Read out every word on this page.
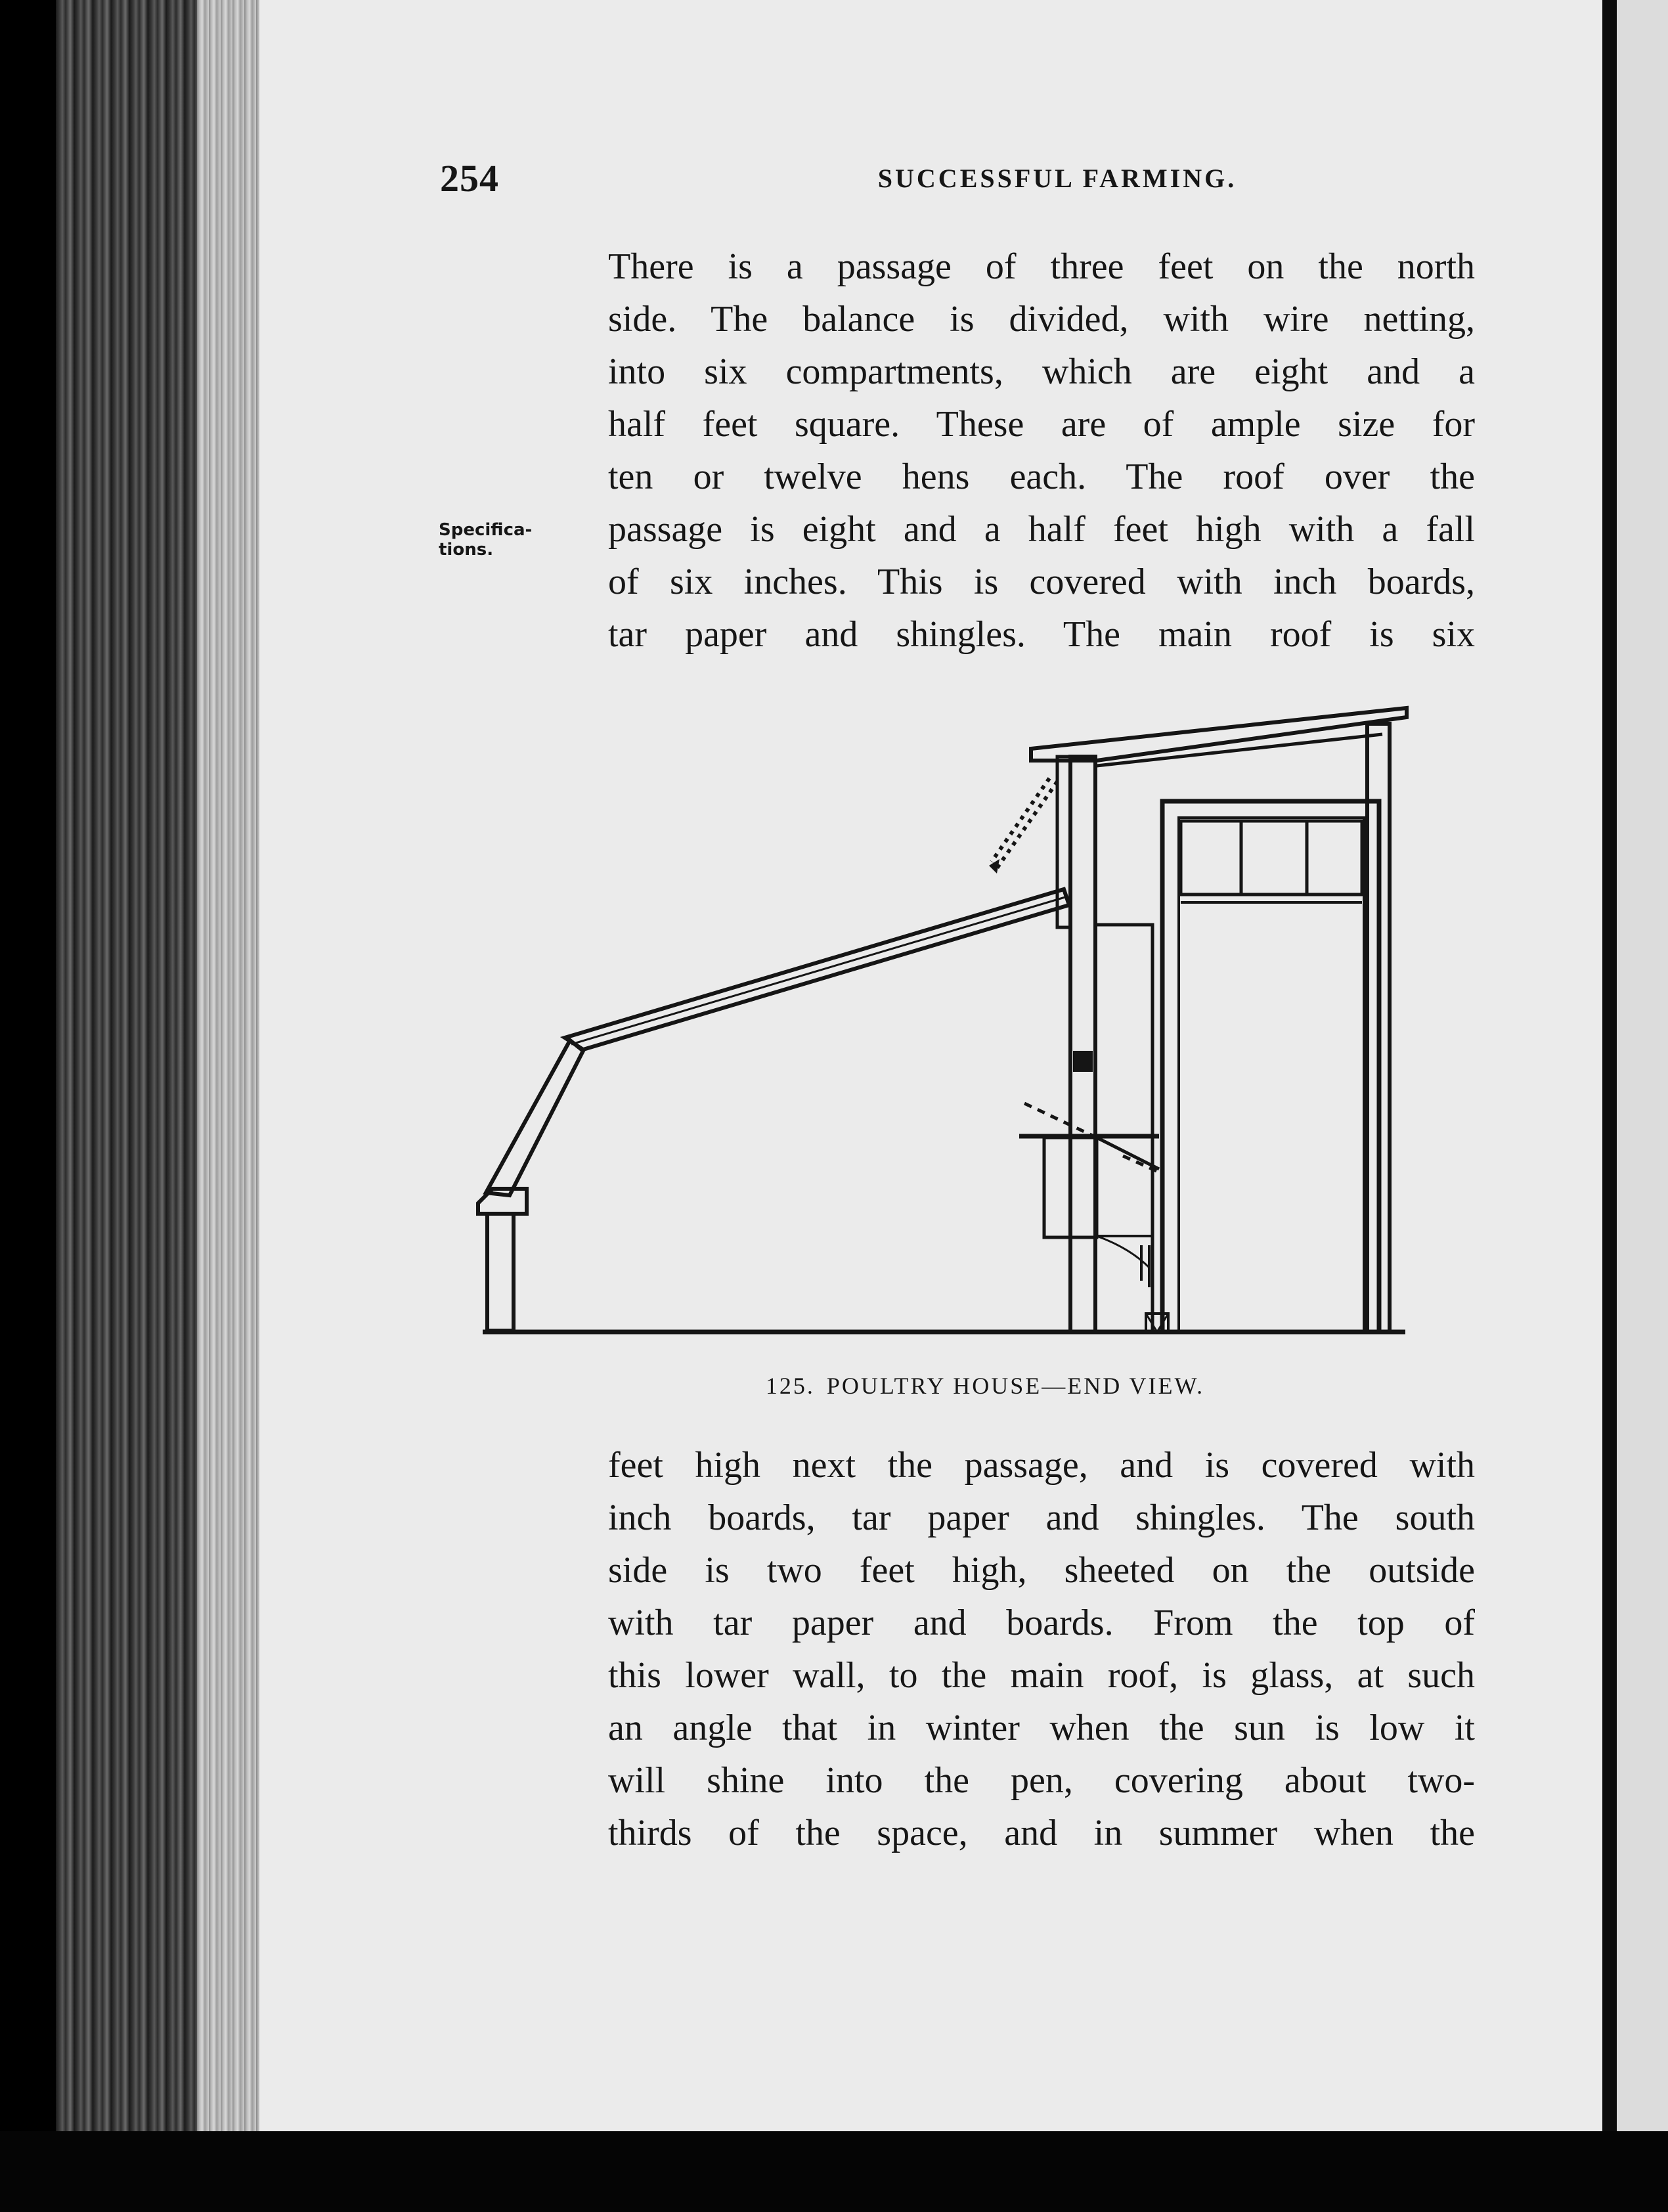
254	SUCCESSFUL FARMING.
Specifica-
tions.
There is a passage of three feet on the north
side. The balance is divided, with wire netting,
into six compartments, which are eight and a
half feet square. These are of ample size for
ten or twelve hens each. The roof over the
passage is eight and a half feet high with a fall
of six inches. This is covered with inch boards,
tar paper and shingles. The main roof is six
125. POULTRY HOUSE—END VIEW.
feet high next the passage, and is covered with
inch boards, tar paper and shingles. The south
side is two feet high, sheeted on the outside
with tar paper and boards. From the top of
this lower wall, to the main roof, is glass, at such
an angle that in winter when the sun is low it
will shine into the pen, covering about two-
thirds of the space, and in summer when the
